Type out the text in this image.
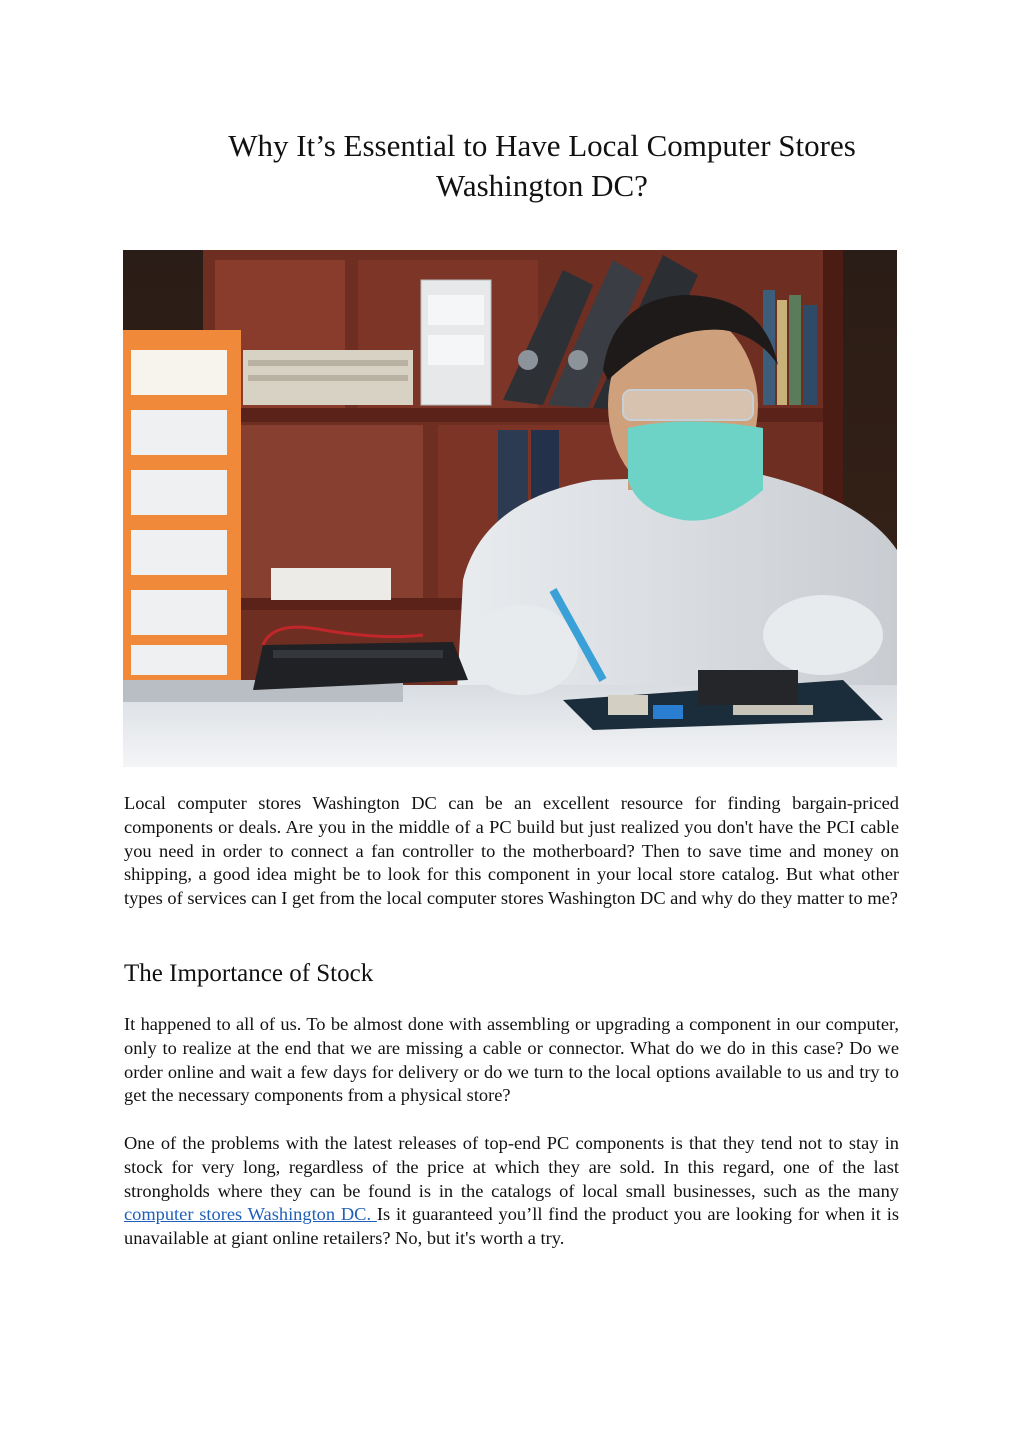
Why It’s Essential to Have Local Computer Stores
Washington DC?

Local computer stores Washington DC can be an excellent resource for finding bargain-priced components or deals. Are you in the middle of a PC build but just realized you don't have the PCI cable you need in order to connect a fan controller to the motherboard? Then to save time and money on shipping, a good idea might be to look for this component in your local store catalog. But what other types of services can I get from the local computer stores Washington DC and why do they matter to me?

The Importance of Stock

It happened to all of us. To be almost done with assembling or upgrading a component in our computer, only to realize at the end that we are missing a cable or connector. What do we do in this case? Do we order online and wait a few days for delivery or do we turn to the local options available to us and try to get the necessary components from a physical store?

One of the problems with the latest releases of top-end PC components is that they tend not to stay in stock for very long, regardless of the price at which they are sold. In this regard, one of the last strongholds where they can be found is in the catalogs of local small businesses, such as the many computer stores Washington DC. Is it guaranteed you’ll find the product you are looking for when it is unavailable at giant online retailers? No, but it's worth a try.
